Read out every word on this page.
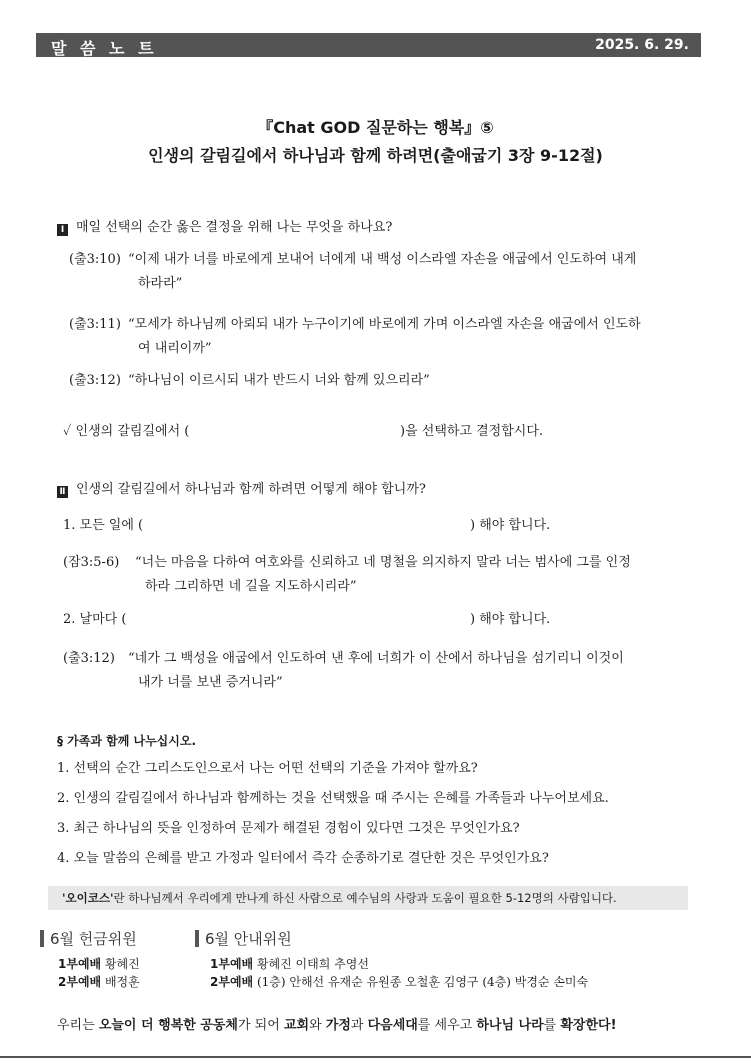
말 씀 노 트	2025. 6. 29.
『Chat GOD 질문하는 행복』⑤
인생의 갈림길에서 하나님과 함께 하려면(출애굽기 3장 9-12절)
Ⅰ 매일 선택의 순간 옳은 결정을 위해 나는 무엇을 하나요?
(출3:10) “이제 내가 너를 바로에게 보내어 너에게 내 백성 이스라엘 자손을 애굽에서 인도하여 내게
하라라”
(출3:11) “모세가 하나님께 아뢰되 내가 누구이기에 바로에게 가며 이스라엘 자손을 애굽에서 인도하
여 내리이까”
(출3:12) “하나님이 이르시되 내가 반드시 너와 함께 있으리라”
✓ 인생의 갈림길에서 (	)을 선택하고 결정합시다.
Ⅱ 인생의 갈림길에서 하나님과 함께 하려면 어떻게 해야 합니까?
1. 모든 일에 (	) 해야 합니다.
(잠3:5-6) “너는 마음을 다하여 여호와를 신뢰하고 네 명철을 의지하지 말라 너는 범사에 그를 인정
하라 그리하면 네 길을 지도하시리라”
2. 날마다 (	) 해야 합니다.
(출3:12) “네가 그 백성을 애굽에서 인도하여 낸 후에 너희가 이 산에서 하나님을 섬기리니 이것이
내가 너를 보낸 증거니라”
§ 가족과 함께 나누십시오.
1. 선택의 순간 그리스도인으로서 나는 어떤 선택의 기준을 가져야 할까요?
2. 인생의 갈림길에서 하나님과 함께하는 것을 선택했을 때 주시는 은혜를 가족들과 나누어보세요.
3. 최근 하나님의 뜻을 인정하여 문제가 해결된 경험이 있다면 그것은 무엇인가요?
4. 오늘 말씀의 은혜를 받고 가정과 일터에서 즉각 순종하기로 결단한 것은 무엇인가요?
'오이코스'란 하나님께서 우리에게 만나게 하신 사람으로 예수님의 사랑과 도움이 필요한 5-12명의 사람입니다.
6월 헌금위원
1부예배 황혜진
2부예배 배정훈
6월 안내위원
1부예배 황혜진 이태희 추영선
2부예배 (1층) 안해선 유재순 유원종 오철훈 김영구 (4층) 박경순 손미숙
우리는 오늘이 더 행복한 공동체가 되어 교회와 가정과 다음세대를 세우고 하나님 나라를 확장한다!
